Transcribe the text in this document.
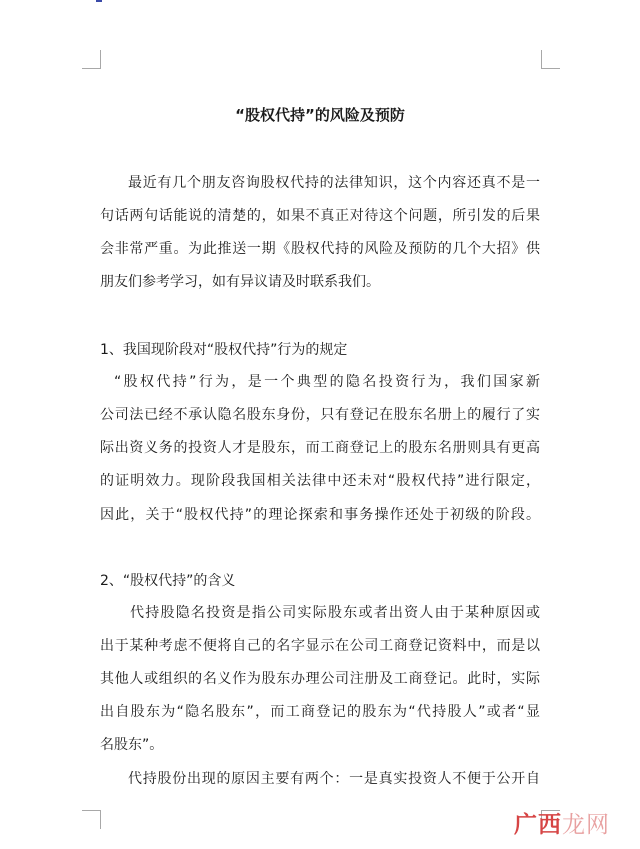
“股权代持”的风险及预防
最近有几个朋友咨询股权代持的法律知识，这个内容还真不是一
句话两句话能说的清楚的，如果不真正对待这个问题，所引发的后果
会非常严重。为此推送一期《股权代持的风险及预防的几个大招》供
朋友们参考学习，如有异议请及时联系我们。
1、我国现阶段对“股权代持”行为的规定
“股权代持”行为，是一个典型的隐名投资行为，我们国家新
公司法已经不承认隐名股东身份，只有登记在股东名册上的履行了实
际出资义务的投资人才是股东，而工商登记上的股东名册则具有更高
的证明效力。现阶段我国相关法律中还未对“股权代持”进行限定，
因此，关于“股权代持”的理论探索和事务操作还处于初级的阶段。
2、“股权代持”的含义
代持股隐名投资是指公司实际股东或者出资人由于某种原因或
出于某种考虑不便将自己的名字显示在公司工商登记资料中，而是以
其他人或组织的名义作为股东办理公司注册及工商登记。此时，实际
出自股东为“隐名股东”，而工商登记的股东为“代持股人”或者“显
名股东”。
代持股份出现的原因主要有两个：一是真实投资人不便于公开自
广西 龙网
